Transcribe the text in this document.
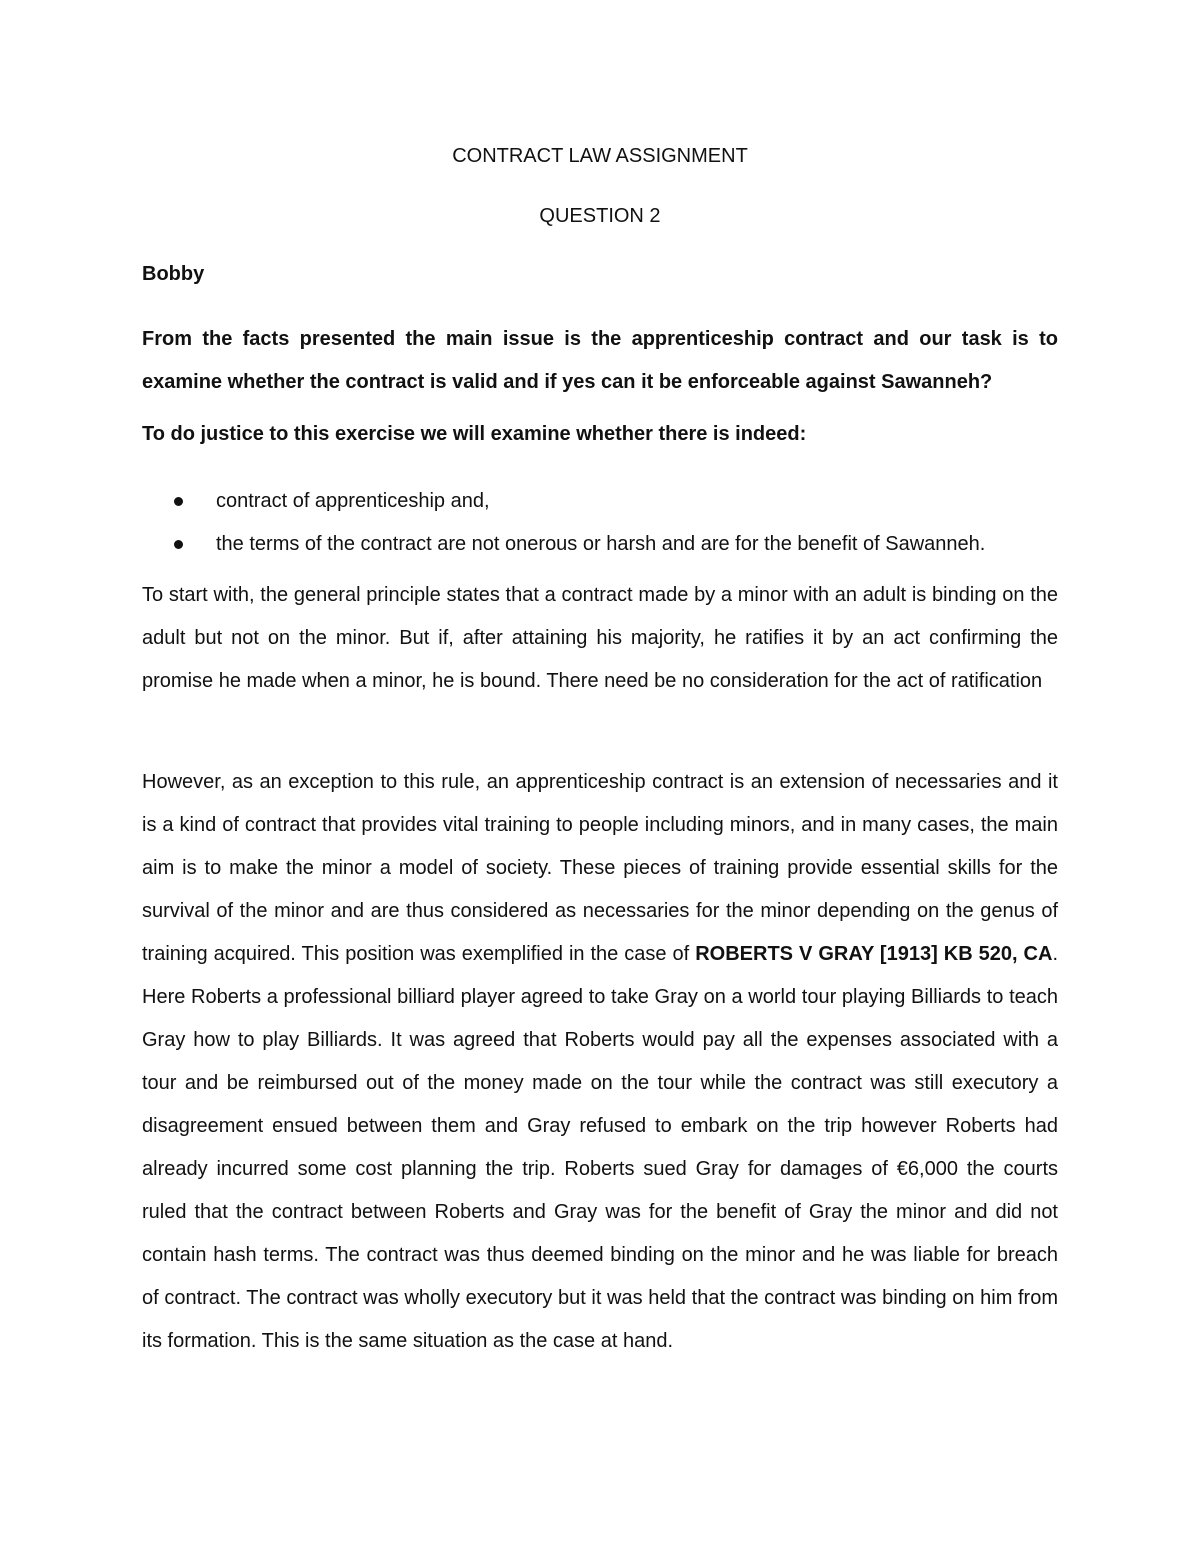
CONTRACT LAW ASSIGNMENT

QUESTION 2

Bobby

From the facts presented the main issue is the apprenticeship contract and our task is to examine whether the contract is valid and if yes can it be enforceable against Sawanneh?

To do justice to this exercise we will examine whether there is indeed:

contract of apprenticeship and,
the terms of the contract are not onerous or harsh and are for the benefit of Sawanneh.

To start with, the general principle states that a contract made by a minor with an adult is binding on the adult but not on the minor. But if, after attaining his majority, he ratifies it by an act confirming the promise he made when a minor, he is bound. There need be no consideration for the act of ratification

However, as an exception to this rule, an apprenticeship contract is an extension of necessaries and it is a kind of contract that provides vital training to people including minors, and in many cases, the main aim is to make the minor a model of society. These pieces of training provide essential skills for the survival of the minor and are thus considered as necessaries for the minor depending on the genus of training acquired. This position was exemplified in the case of ROBERTS V GRAY [1913] KB 520, CA. Here Roberts a professional billiard player agreed to take Gray on a world tour playing Billiards to teach Gray how to play Billiards. It was agreed that Roberts would pay all the expenses associated with a tour and be reimbursed out of the money made on the tour while the contract was still executory a disagreement ensued between them and Gray refused to embark on the trip however Roberts had already incurred some cost planning the trip. Roberts sued Gray for damages of €6,000 the courts ruled that the contract between Roberts and Gray was for the benefit of Gray the minor and did not contain hash terms. The contract was thus deemed binding on the minor and he was liable for breach of contract. The contract was wholly executory but it was held that the contract was binding on him from its formation. This is the same situation as the case at hand.
